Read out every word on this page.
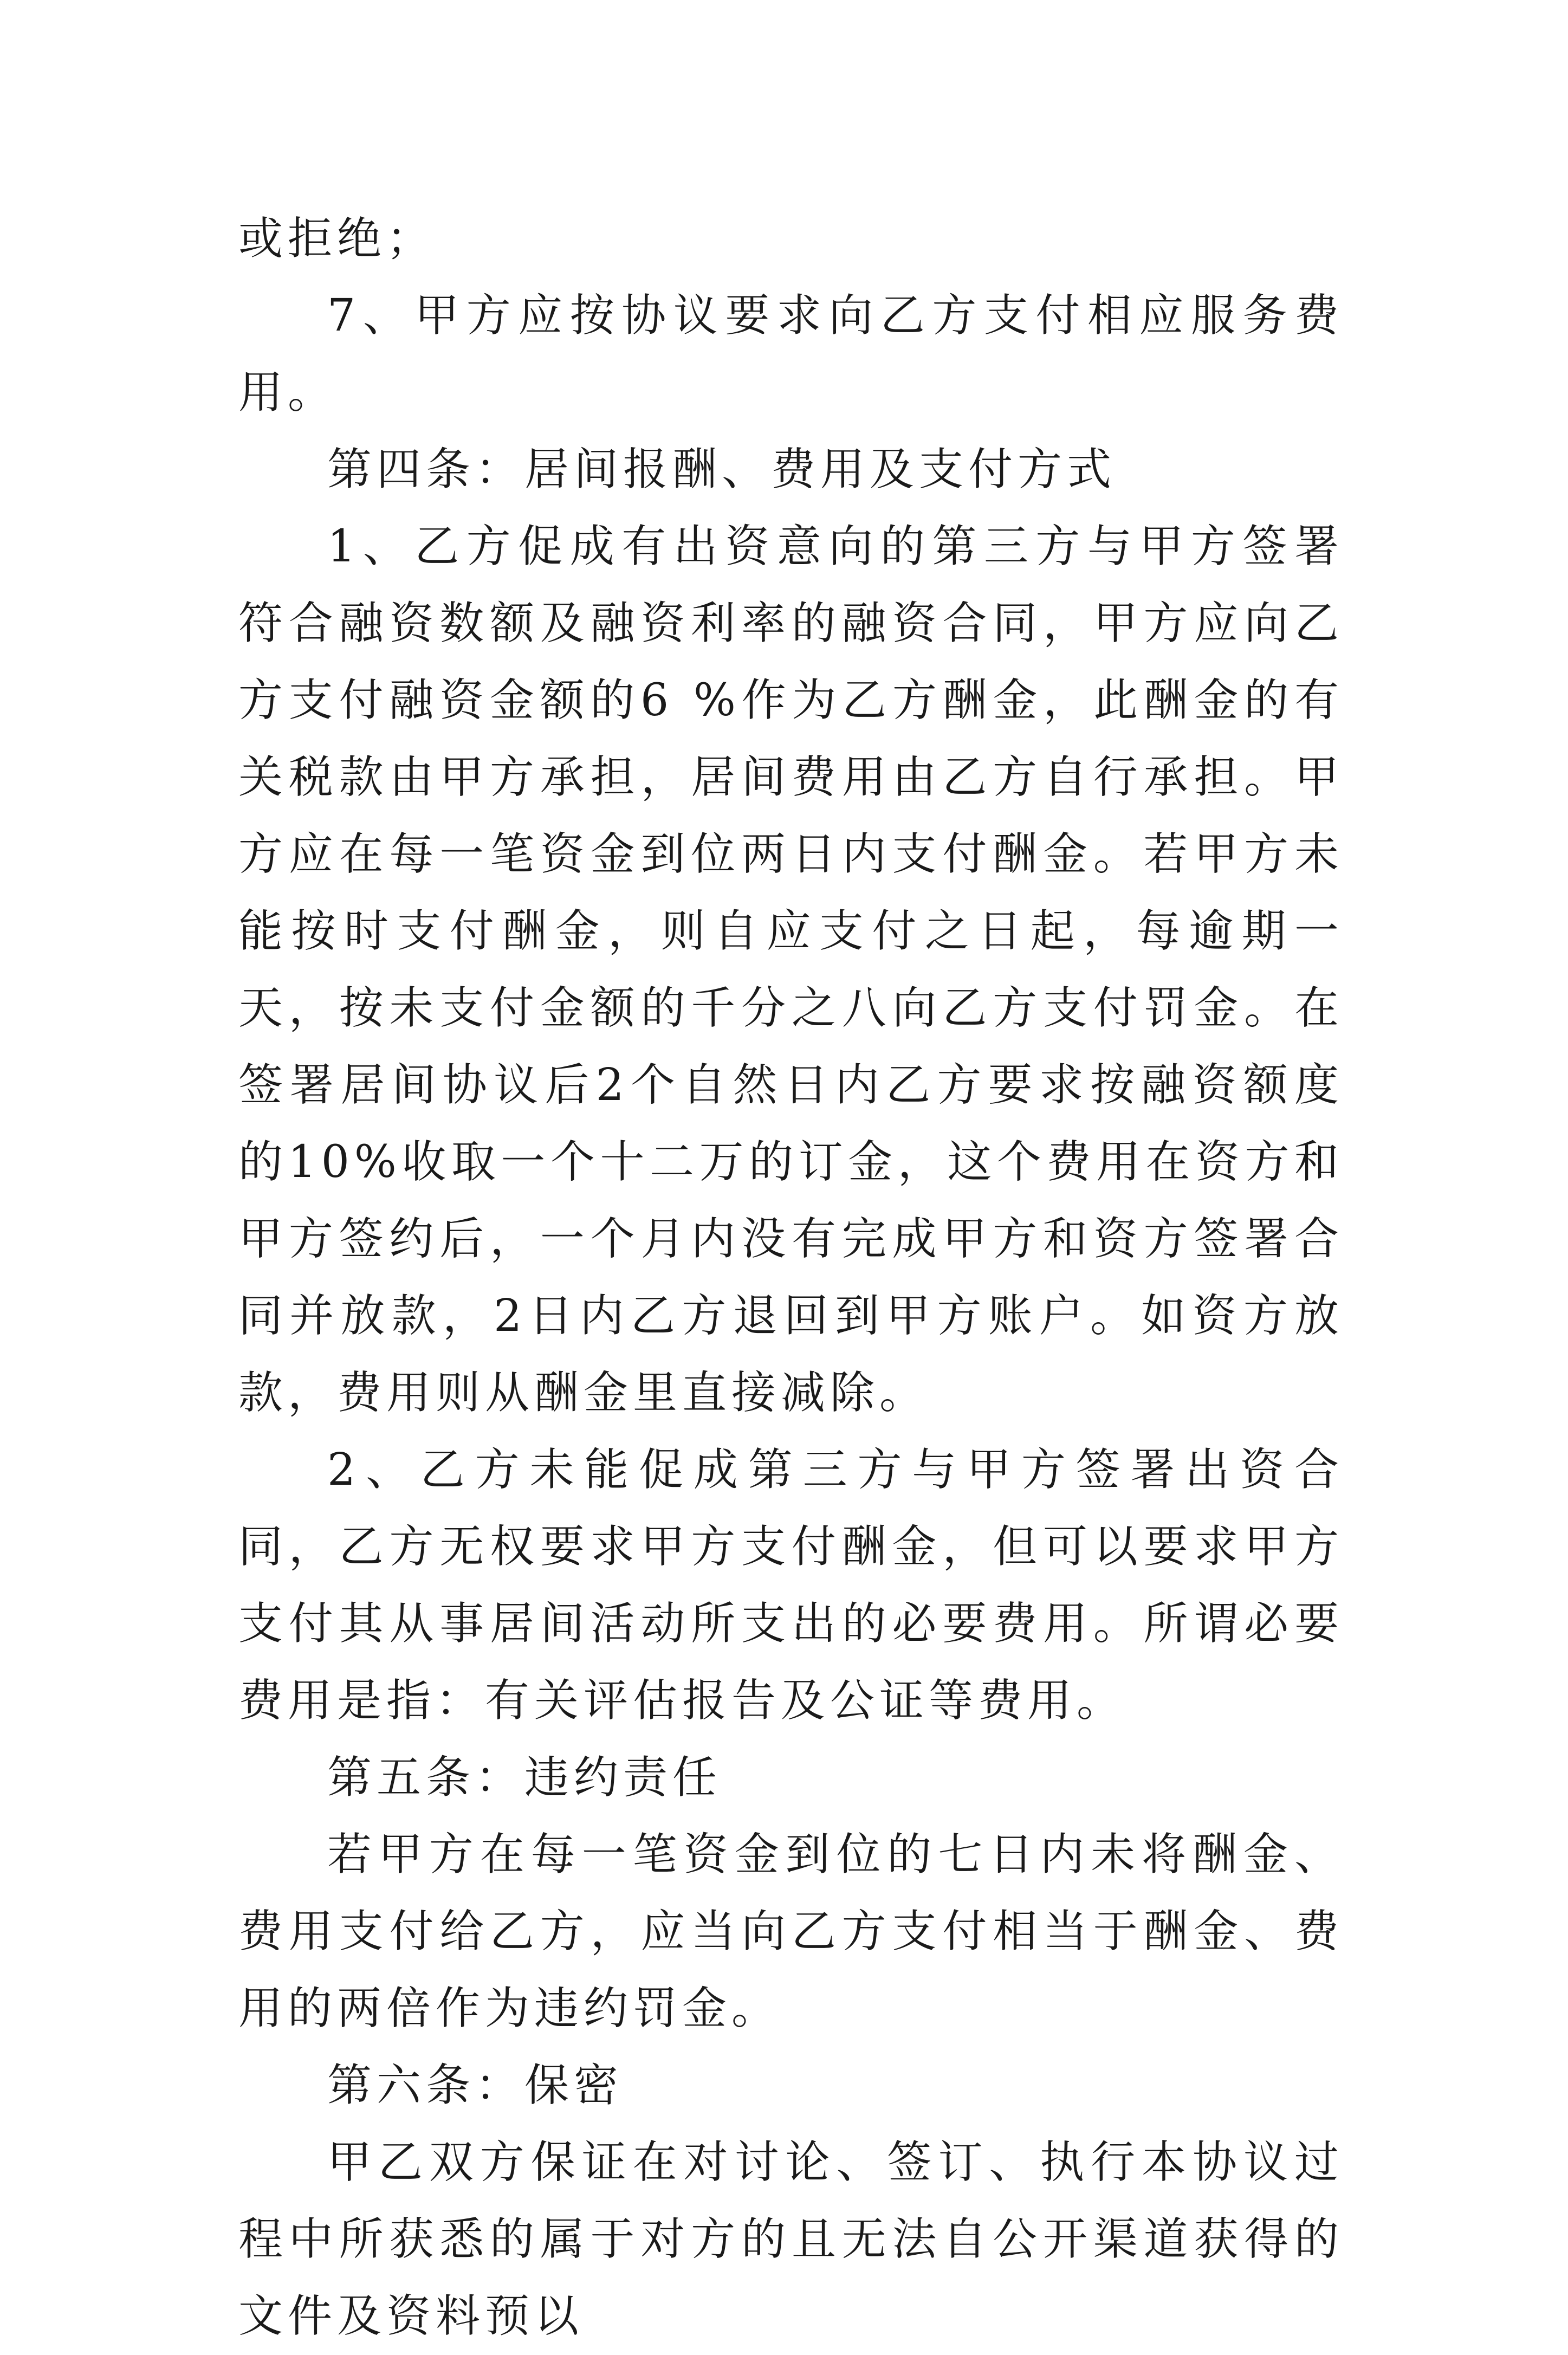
或拒绝；

7、甲方应按协议要求向乙方支付相应服务费用。

第四条：居间报酬、费用及支付方式

1、乙方促成有出资意向的第三方与甲方签署符合融资数额及融资利率的融资合同，甲方应向乙方支付融资金额的6 %作为乙方酬金，此酬金的有关税款由甲方承担，居间费用由乙方自行承担。甲方应在每一笔资金到位两日内支付酬金。若甲方未能按时支付酬金，则自应支付之日起，每逾期一天，按未支付金额的千分之八向乙方支付罚金。在签署居间协议后2个自然日内乙方要求按融资额度的10%收取一个十二万的订金，这个费用在资方和甲方签约后，一个月内没有完成甲方和资方签署合同并放款，2日内乙方退回到甲方账户。如资方放款，费用则从酬金里直接减除。

2、乙方未能促成第三方与甲方签署出资合同，乙方无权要求甲方支付酬金，但可以要求甲方支付其从事居间活动所支出的必要费用。所谓必要费用是指：有关评估报告及公证等费用。

第五条：违约责任

若甲方在每一笔资金到位的七日内未将酬金、费用支付给乙方，应当向乙方支付相当于酬金、费用的两倍作为违约罚金。

第六条：保密

甲乙双方保证在对讨论、签订、执行本协议过程中所获悉的属于对方的且无法自公开渠道获得的文件及资料预以
